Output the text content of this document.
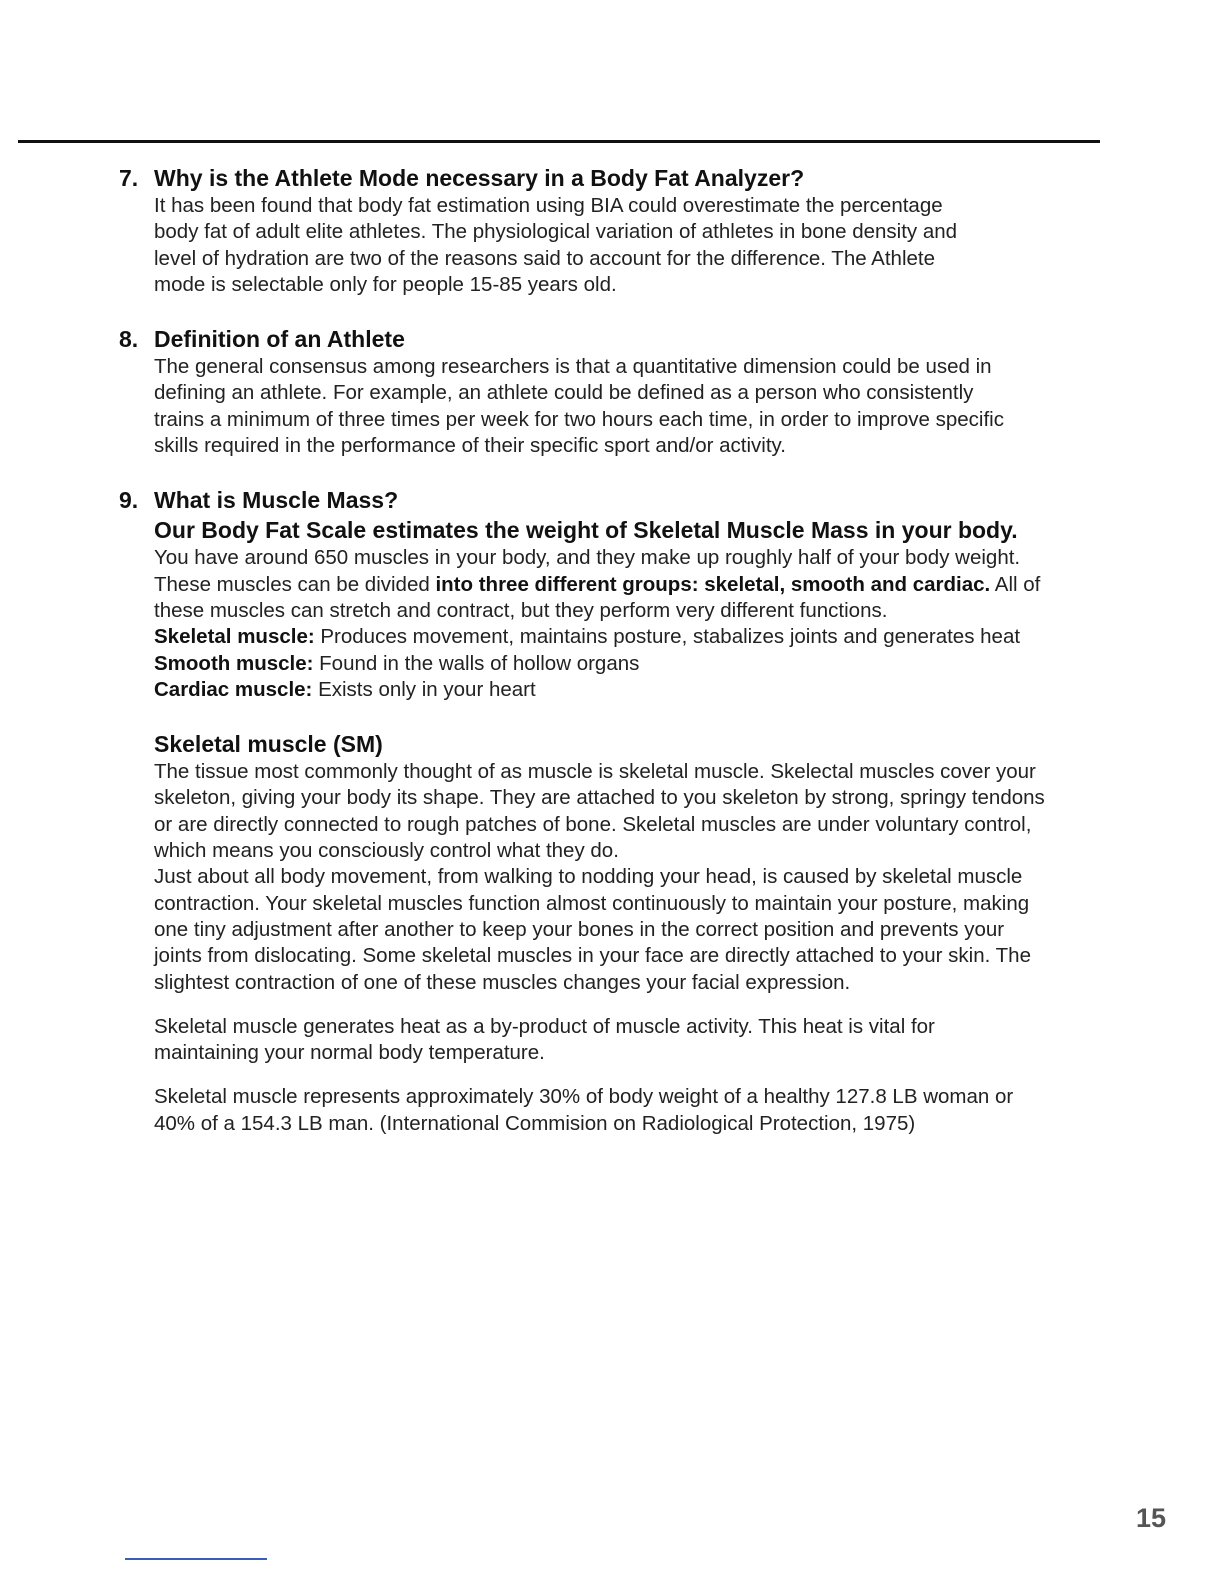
7. Why is the Athlete Mode necessary in a Body Fat Analyzer?

It has been found that body fat estimation using BIA could overestimate the percentage

body fat of adult elite athletes. The physiological variation of athletes in bone density and

level of hydration are two of the reasons said to account for the difference. The Athlete

mode is selectable only for people 15-85 years old.

8. Definition of an Athlete

The general consensus among researchers is that a quantitative dimension could be used in

defining an athlete. For example, an athlete could be defined as a person who consistently

trains a minimum of three times per week for two hours each time, in order to improve specific

skills required in the performance of their specific sport and/or activity.

9. What is Muscle Mass?

Our Body Fat Scale estimates the weight of Skeletal Muscle Mass in your body.

You have around 650 muscles in your body, and they make up roughly half of your body weight.

These muscles can be divided into three different groups: skeletal, smooth and cardiac. All of

these muscles can stretch and contract, but they perform very different functions.

Skeletal muscle: Produces movement, maintains posture, stabalizes joints and generates heat

Smooth muscle: Found in the walls of hollow organs

Cardiac muscle: Exists only in your heart

Skeletal muscle (SM)

The tissue most commonly thought of as muscle is skeletal muscle. Skelectal muscles cover your

skeleton, giving your body its shape. They are attached to you skeleton by strong, springy tendons

or are directly connected to rough patches of bone. Skeletal muscles are under voluntary control,

which means you consciously control what they do.

Just about all body movement, from walking to nodding your head, is caused by skeletal muscle

contraction. Your skeletal muscles function almost continuously to maintain your posture, making

one tiny adjustment after another to keep your bones in the correct position and prevents your

joints from dislocating. Some skeletal muscles in your face are directly attached to your skin. The

slightest contraction of one of these muscles changes your facial expression.

Skeletal muscle generates heat as a by-product of muscle activity. This heat is vital for

maintaining your normal body temperature.

Skeletal muscle represents approximately 30% of body weight of a healthy 127.8 LB woman or

40% of a 154.3 LB man. (International Commision on Radiological Protection, 1975)

15
